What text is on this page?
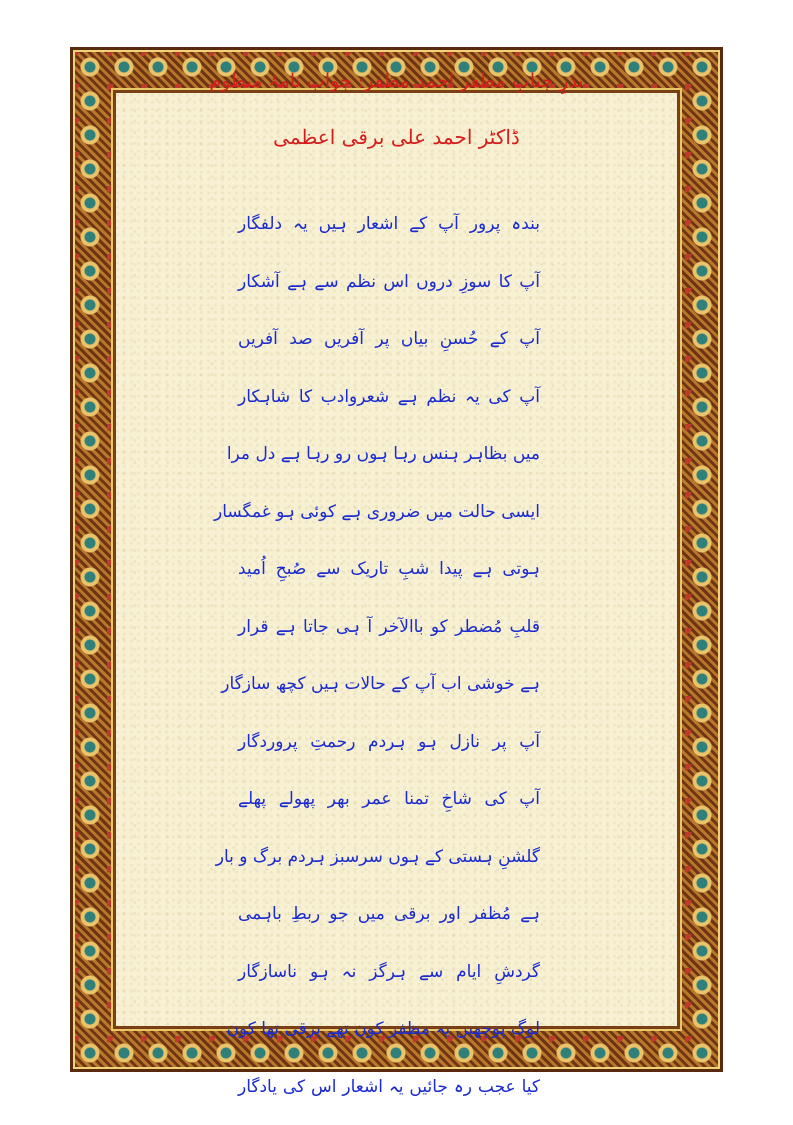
نذرِ جنابِ مظفر احمد مظفر: جواب نامۂ منظوم
ڈاکٹر احمد علی برقی اعظمی
بندہ پرور آپ کے اشعار ہیں یہ دلفگار
آپ کا سوزِ دروں اس نظم سے ہے آشکار
آپ کے حُسنِ بیاں پر آفریں صد آفریں
آپ کی یہ نظم ہے شعروادب کا شاہکار
میں بظاہر ہنس رہا ہوں رو رہا ہے دل مرا
ایسی حالت میں ضروری ہے کوئی ہو غمگسار
ہوتی ہے پیدا شبِ تاریک سے صُبحِ اُمید
قلبِ مُضطر کو باالآخر آ ہی جاتا ہے قرار
ہے خوشی اب آپ کے حالات ہیں کچھ سازگار
آپ پر نازل ہو ہردم رحمتِ پروردگار
آپ کی شاخِ تمنا عمر بھر پھولے پھلے
گلشنِ ہستی کے ہوں سرسبز ہردم برگ و بار
ہے مُظفر اور برقی میں جو ربطِ باہمی
گردشِ ایام سے ہرگز نہ ہو ناسازگار
لوگ پوچھیں یہ مظفر کون تھے برقی تھا کون
کیا عجب رہ جائیں یہ اشعار اس کی یادگار
